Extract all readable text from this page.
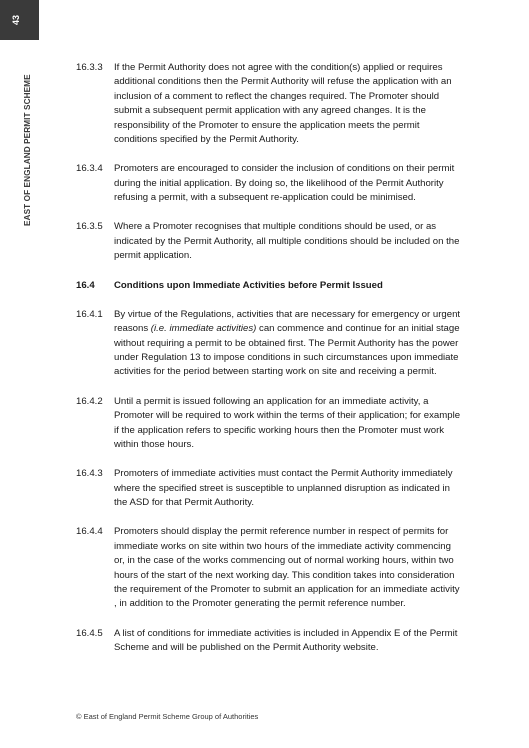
43
EAST OF ENGLAND PERMIT SCHEME
16.3.3	If the Permit Authority does not agree with the condition(s) applied or requires additional conditions then the Permit Authority will refuse the application with an inclusion of a comment to reflect the changes required. The Promoter should submit a subsequent permit application with any agreed changes. It is the responsibility of the Promoter to ensure the application meets the permit conditions specified by the Permit Authority.
16.3.4	Promoters are encouraged to consider the inclusion of conditions on their permit during the initial application. By doing so, the likelihood of the Permit Authority refusing a permit, with a subsequent re-application could be minimised.
16.3.5	Where a Promoter recognises that multiple conditions should be used, or as indicated by the Permit Authority, all multiple conditions should be included on the permit application.
16.4	Conditions upon Immediate Activities before Permit Issued
16.4.1	By virtue of the Regulations, activities that are necessary for emergency or urgent reasons (i.e. immediate activities) can commence and continue for an initial stage without requiring a permit to be obtained first. The Permit Authority has the power under Regulation 13 to impose conditions in such circumstances upon immediate activities for the period between starting work on site and receiving a permit.
16.4.2	Until a permit is issued following an application for an immediate activity, a Promoter will be required to work within the terms of their application; for example if the application refers to specific working hours then the Promoter must work within those hours.
16.4.3	Promoters of immediate activities must contact the Permit Authority immediately where the specified street is susceptible to unplanned disruption as indicated in the ASD for that Permit Authority.
16.4.4	Promoters should display the permit reference number in respect of permits for immediate works on site within two hours of the immediate activity commencing or, in the case of the works commencing out of normal working hours, within two hours of the start of the next working day. This condition takes into consideration the requirement of the Promoter to submit an application for an immediate activity , in addition to the Promoter generating the permit reference number.
16.4.5	A list of conditions for immediate activities is included in Appendix E of the Permit Scheme and will be published on the Permit Authority website.
© East of England Permit Scheme Group of Authorities
